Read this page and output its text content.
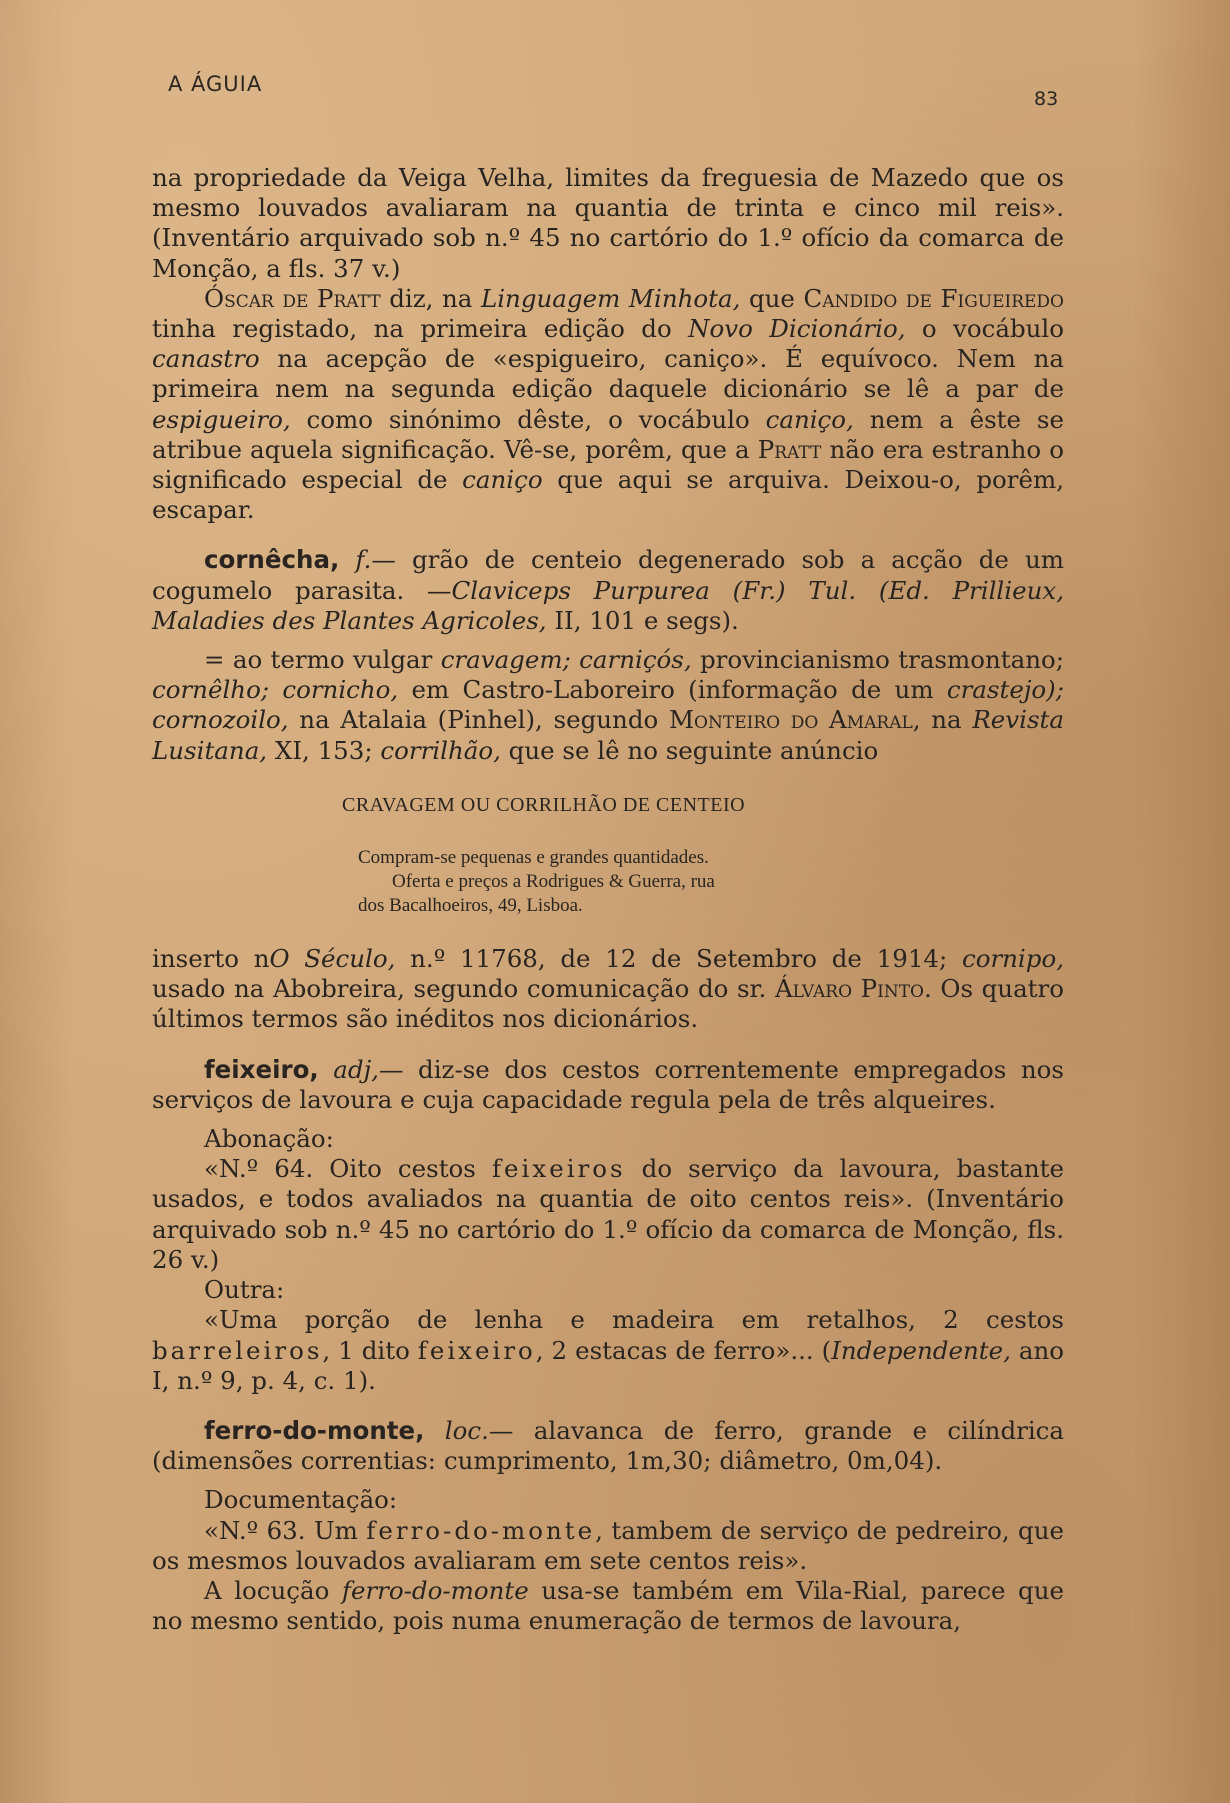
A ÁGUIA
83

na propriedade da Veiga Velha, limites da freguesia de Mazedo que os mesmo louvados avaliaram na quantia de trinta e cinco mil reis». (Inventário arquivado sob n.º 45 no cartório do 1.º ofício da comarca de Monção, a fls. 37 v.)

Óscar de Pratt diz, na Linguagem Minhota, que Candido de Figueiredo tinha registado, na primeira edição do Novo Dicionário, o vocábulo canastro na acepção de «espigueiro, caniço». É equívoco. Nem na primeira nem na segunda edição daquele dicionário se lê a par de espigueiro, como sinónimo dêste, o vocábulo caniço, nem a êste se atribue aquela significação. Vê-se, porêm, que a Pratt não era estranho o significado especial de caniço que aqui se arquiva. Deixou-o, porêm, escapar.

cornêcha, f.— grão de centeio degenerado sob a acção de um cogumelo parasita. —Claviceps Purpurea (Fr.) Tul. (Ed. Prillieux, Maladies des Plantes Agricoles, II, 101 e segs).

= ao termo vulgar cravagem; carniçós, provincianismo trasmontano; cornêlho; cornicho, em Castro-Laboreiro (informação de um crastejo); cornozoilo, na Atalaia (Pinhel), segundo Monteiro do Amaral, na Revista Lusitana, XI, 153; corrilhão, que se lê no seguinte anúncio

CRAVAGEM OU CORRILHÃO DE CENTEIO
Compram-se pequenas e grandes quantidades.
Oferta e preços a Rodrigues & Guerra, rua
dos Bacalhoeiros, 49, Lisboa.

inserto nO Século, n.º 11768, de 12 de Setembro de 1914; cornipo, usado na Abobreira, segundo comunicação do sr. Álvaro Pinto. Os quatro últimos termos são inéditos nos dicionários.

feixeiro, adj,— diz-se dos cestos correntemente empregados nos serviços de lavoura e cuja capacidade regula pela de três alqueires.

Abonação:

«N.º 64. Oito cestos feixeiros do serviço da lavoura, bastante usados, e todos avaliados na quantia de oito centos reis». (Inventário arquivado sob n.º 45 no cartório do 1.º ofício da comarca de Monção, fls. 26 v.)

Outra:

«Uma porção de lenha e madeira em retalhos, 2 cestos barreleiros, 1 dito feixeiro, 2 estacas de ferro»... (Independente, ano I, n.º 9, p. 4, c. 1).

ferro-do-monte, loc.— alavanca de ferro, grande e cilíndrica (dimensões correntias: cumprimento, 1m,30; diâmetro, 0m,04).

Documentação:

«N.º 63. Um ferro-do-monte, tambem de serviço de pedreiro, que os mesmos louvados avaliaram em sete centos reis».

A locução ferro-do-monte usa-se também em Vila-Rial, parece que no mesmo sentido, pois numa enumeração de termos de lavoura,
